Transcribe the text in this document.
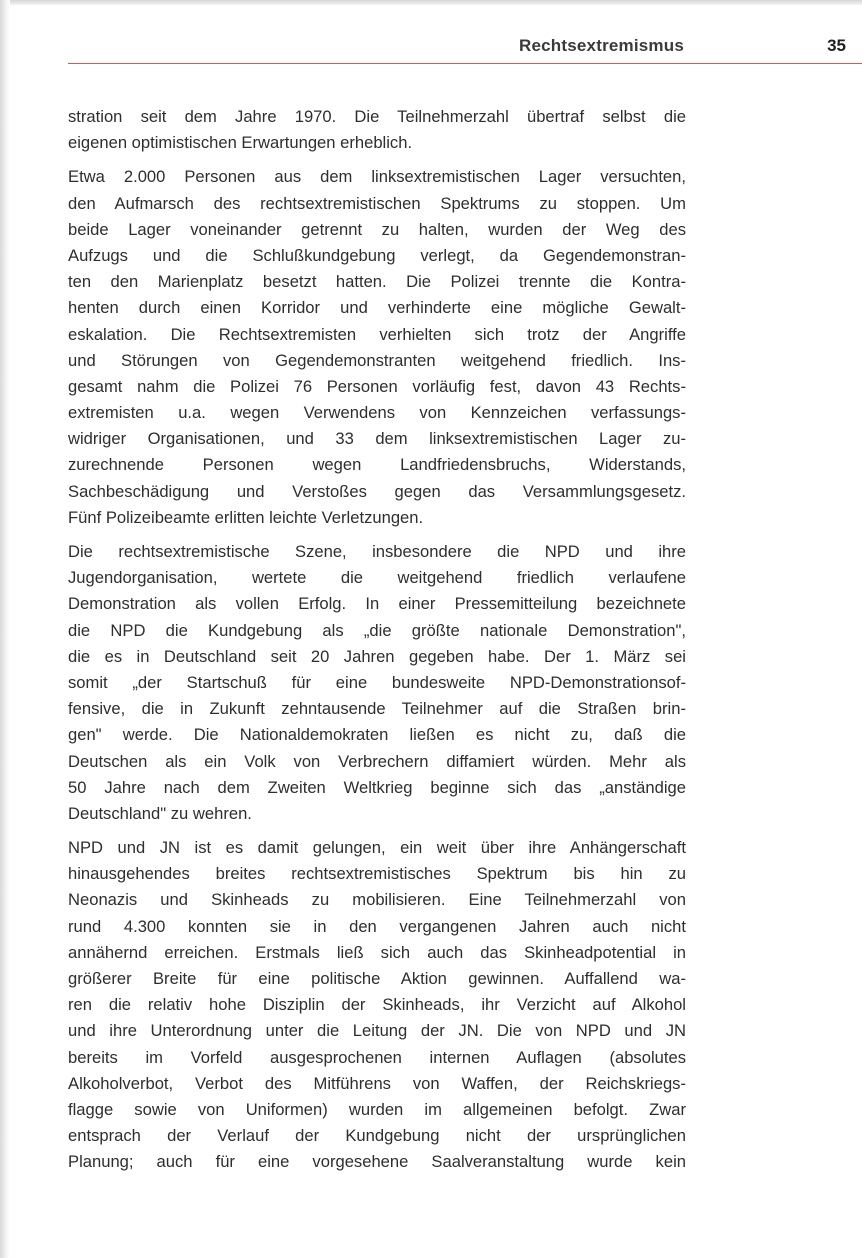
Rechtsextremismus	35

stration seit dem Jahre 1970. Die Teilnehmerzahl übertraf selbst die
eigenen optimistischen Erwartungen erheblich.

Etwa 2.000 Personen aus dem linksextremistischen Lager versuchten,
den Aufmarsch des rechtsextremistischen Spektrums zu stoppen. Um
beide Lager voneinander getrennt zu halten, wurden der Weg des
Aufzugs und die Schlußkundgebung verlegt, da Gegendemonstran-
ten den Marienplatz besetzt hatten. Die Polizei trennte die Kontra-
henten durch einen Korridor und verhinderte eine mögliche Gewalt-
eskalation. Die Rechtsextremisten verhielten sich trotz der Angriffe
und Störungen von Gegendemonstranten weitgehend friedlich. Ins-
gesamt nahm die Polizei 76 Personen vorläufig fest, davon 43 Rechts-
extremisten u.a. wegen Verwendens von Kennzeichen verfassungs-
widriger Organisationen, und 33 dem linksextremistischen Lager zu-
zurechnende Personen wegen Landfriedensbruchs, Widerstands,
Sachbeschädigung und Verstoßes gegen das Versammlungsgesetz.
Fünf Polizeibeamte erlitten leichte Verletzungen.

Die rechtsextremistische Szene, insbesondere die NPD und ihre
Jugendorganisation, wertete die weitgehend friedlich verlaufene
Demonstration als vollen Erfolg. In einer Pressemitteilung bezeichnete
die NPD die Kundgebung als „die größte nationale Demonstration",
die es in Deutschland seit 20 Jahren gegeben habe. Der 1. März sei
somit „der Startschuß für eine bundesweite NPD-Demonstrationsof-
fensive, die in Zukunft zehntausende Teilnehmer auf die Straßen brin-
gen" werde. Die Nationaldemokraten ließen es nicht zu, daß die
Deutschen als ein Volk von Verbrechern diffamiert würden. Mehr als
50 Jahre nach dem Zweiten Weltkrieg beginne sich das „anständige
Deutschland" zu wehren.

NPD und JN ist es damit gelungen, ein weit über ihre Anhängerschaft
hinausgehendes breites rechtsextremistisches Spektrum bis hin zu
Neonazis und Skinheads zu mobilisieren. Eine Teilnehmerzahl von
rund 4.300 konnten sie in den vergangenen Jahren auch nicht
annähernd erreichen. Erstmals ließ sich auch das Skinheadpotential in
größerer Breite für eine politische Aktion gewinnen. Auffallend wa-
ren die relativ hohe Disziplin der Skinheads, ihr Verzicht auf Alkohol
und ihre Unterordnung unter die Leitung der JN. Die von NPD und JN
bereits im Vorfeld ausgesprochenen internen Auflagen (absolutes
Alkoholverbot, Verbot des Mitführens von Waffen, der Reichskriegs-
flagge sowie von Uniformen) wurden im allgemeinen befolgt. Zwar
entsprach der Verlauf der Kundgebung nicht der ursprünglichen
Planung; auch für eine vorgesehene Saalveranstaltung wurde kein
